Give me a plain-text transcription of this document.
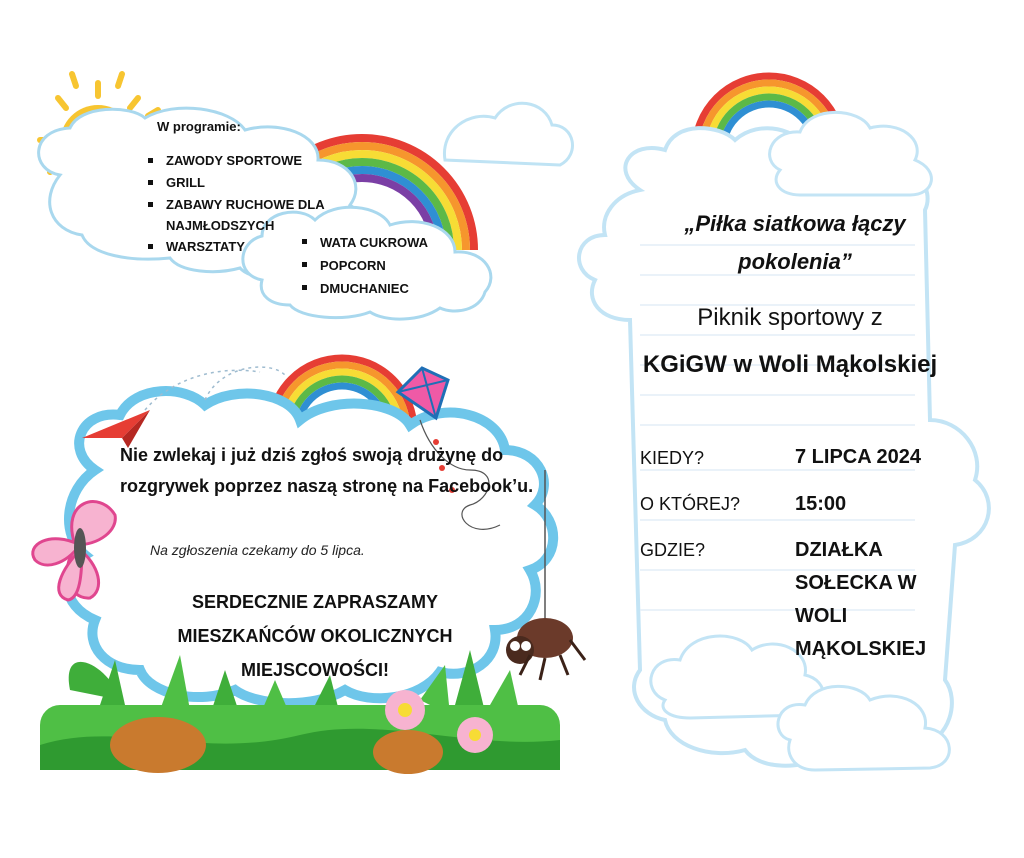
W programie:
ZAWODY SPORTOWE
GRILL
ZABAWY RUCHOWE DLA NAJMŁODSZYCH
WARSZTATY	WATA CUKROWA
POPCORN
DMUCHANIEC
Nie zwlekaj i już dziś zgłoś swoją drużynę do rozgrywek poprzez naszą stronę na Facebook’u.
Na zgłoszenia czekamy do 5 lipca.
SERDECZNIE ZAPRASZAMY MIESZKAŃCÓW OKOLICZNYCH MIEJSCOWOŚCI!
„Piłka siatkowa łączy pokolenia”
Piknik sportowy z
KGiGW w Woli Mąkolskiej
KIEDY?	7 LIPCA 2024
O KTÓREJ?	15:00
GDZIE?	DZIAŁKA SOŁECKA W WOLI MĄKOLSKIEJ
